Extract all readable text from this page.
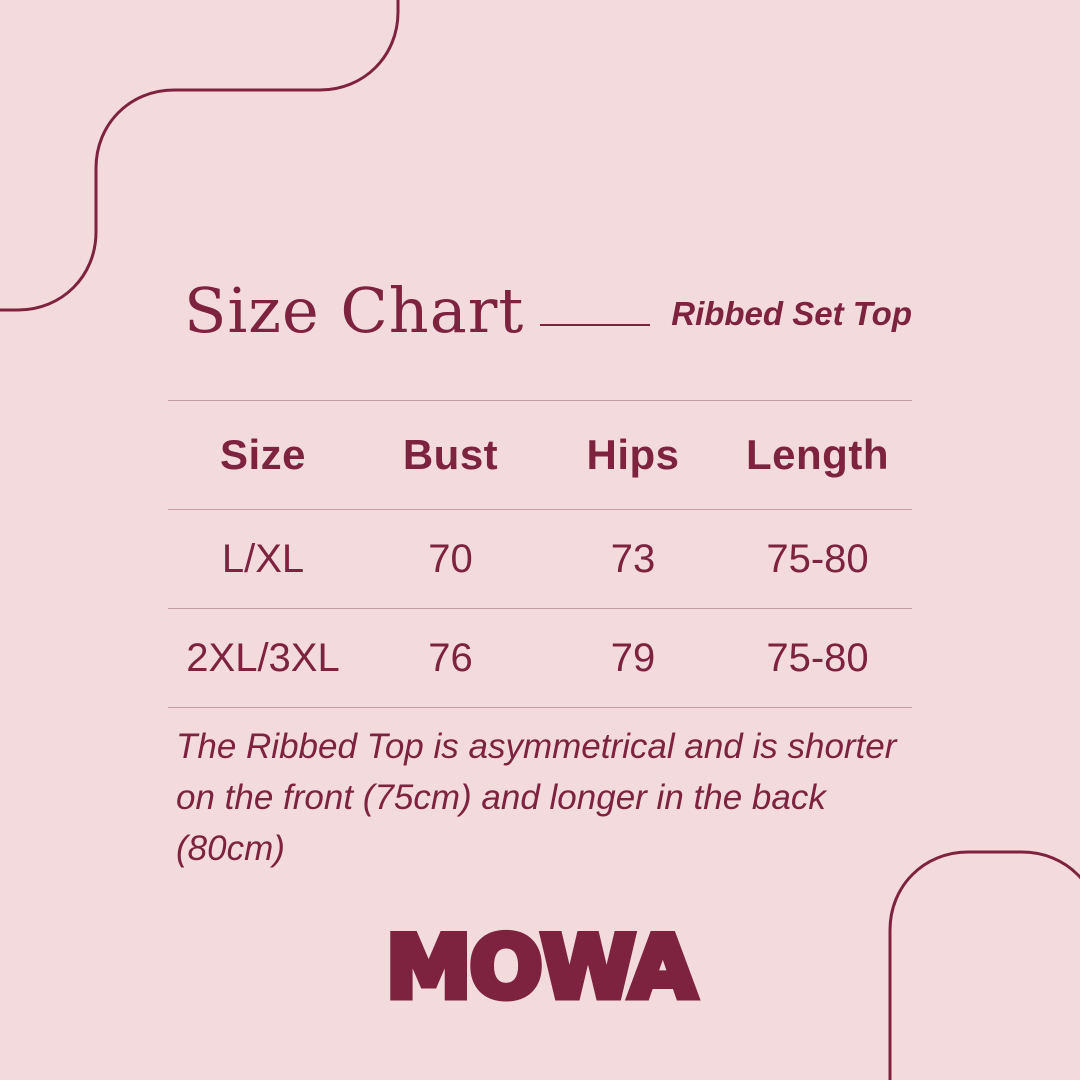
Size Chart	Ribbed Set Top
Size	Bust	Hips	Length
L/XL	70	73	75-80
2XL/3XL	76	79	75-80
The Ribbed Top is asymmetrical and is shorter on the front (75cm) and longer in the back (80cm)
MOWA
